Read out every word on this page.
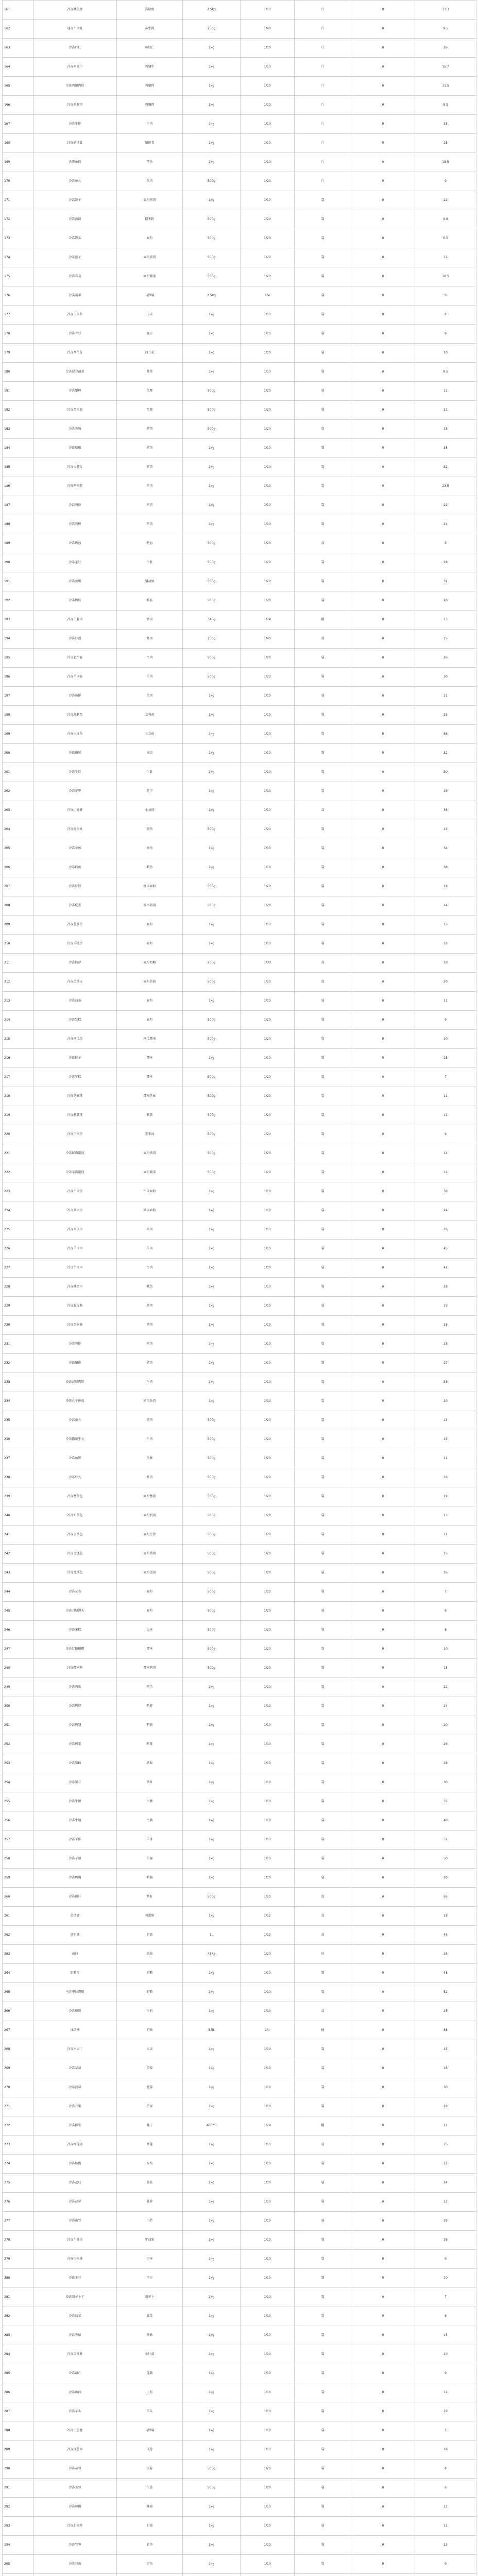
161	冷冻鱿鱼须	冻鱿鱼	2.5kg	1/10	斤	0	13.3
162	速冻牛肉丸	冻牛肉	250g	1/40	斤	0	9.5
163	冷冻虾仁	冻虾仁	1kg	1/10	斤	0	26
164	冷冻鸡翅中	鸡翅中	1kg	1/10	斤	0	15.7
165	冷冻鸡腿肉块	鸡腿肉	1kg	1/10	斤	0	11.5
166	冷冻鸡胸肉	鸡胸肉	1kg	1/10	斤	0	8.5
167	冷冻牛排	牛肉	1kg	1/10	斤	0	35
168	冷冻猪排骨	猪排骨	1kg	1/10	斤	0	25
169	冻带鱼段	带鱼	1kg	1/10	斤	0	18.5
170	冷冻鱼丸	鱼肉	500g	1/20	斤	0	9
171	冷冻饺子	面粉猪肉	1kg	1/10	袋	0	22
172	冷冻汤圆	糯米粉	500g	1/20	袋	0	9.8
173	冷冻馒头	面粉	500g	1/20	袋	0	6.5
174	冷冻包子	面粉猪肉	500g	1/20	袋	0	12
175	冷冻春卷	面粉蔬菜	500g	1/20	袋	0	10.5
176	冷冻薯条	马铃薯	2.5kg	1/4	袋	0	35
177	冷冻玉米粒	玉米	1kg	1/10	袋	0	8
178	冷冻青豆	豌豆	1kg	1/10	袋	0	9
179	冷冻西兰花	西兰花	1kg	1/10	袋	0	10
180	冷冻混合蔬菜	蔬菜	1kg	1/10	袋	0	9.5
181	冷冻蟹棒	鱼糜	500g	1/20	袋	0	12
182	冷冻鱼豆腐	鱼糜	500g	1/20	袋	0	11
183	冷冻香肠	猪肉	500g	1/20	袋	0	15
184	冷冻培根	猪肉	1kg	1/10	袋	0	38
185	冷冻火腿片	猪肉	1kg	1/10	袋	0	32
186	冷冻鸡米花	鸡肉	1kg	1/10	袋	0	23.5
187	冷冻鸡块	鸡肉	1kg	1/10	袋	0	22
188	冷冻鸡柳	鸡肉	1kg	1/10	袋	0	24
189	冷冻鸭血	鸭血	500g	1/20	盒	0	6
190	冷冻毛肚	牛肚	500g	1/20	袋	0	28
191	冷冻黄喉	猪动脉	500g	1/20	袋	0	32
192	冷冻鸭肠	鸭肠	500g	1/20	袋	0	20
193	冷冻午餐肉	猪肉	340g	1/24	罐	0	13
194	冷冻虾滑	虾肉	150g	1/40	盒	0	15
195	冷冻肥牛卷	牛肉	500g	1/20	袋	0	26
196	冷冻羊肉卷	羊肉	500g	1/20	袋	0	30
197	冷冻鱼排	鱼肉	1kg	1/10	袋	0	21
198	冷冻龙利鱼	龙利鱼	1kg	1/10	袋	0	25
199	冷冻三文鱼	三文鱼	1kg	1/10	袋	0	68
200	冷冻扇贝	扇贝	1kg	1/10	袋	0	32
201	冷冻生蚝	生蚝	1kg	1/10	袋	0	30
202	冷冻花甲	花甲	1kg	1/10	袋	0	16
203	冷冻小龙虾	小龙虾	1kg	1/10	盒	0	36
204	冷冻墨鱼丸	墨鱼	500g	1/20	袋	0	13
205	冷冻章鱼	章鱼	1kg	1/10	袋	0	34
206	冷冻鳕鱼	鳕鱼	1kg	1/10	袋	0	58
207	冷冻虾饺	虾肉面粉	500g	1/20	袋	0	18
208	冷冻烧麦	糯米猪肉	500g	1/20	袋	0	14
209	冷冻葱油饼	面粉	1kg	1/10	袋	0	15
210	冷冻手抓饼	面粉	1kg	1/10	袋	0	16
211	冷冻披萨	面粉奶酪	200g	1/30	盒	0	18
212	冷冻蛋挞皮	面粉黄油	500g	1/20	盒	0	20
213	冷冻油条	面粉	1kg	1/10	袋	0	11
214	冷冻发糕	面粉	500g	1/20	袋	0	9
215	冷冻南瓜饼	南瓜糯米	500g	1/20	袋	0	10
216	冷冻粽子	糯米	1kg	1/10	袋	0	25
217	冷冻年糕	糯米	500g	1/20	袋	0	7
218	冷冻芝麻球	糯米芝麻	500g	1/20	袋	0	11
219	冷冻紫薯球	紫薯	500g	1/20	袋	0	11
220	冷冻玉米饼	玉米面	500g	1/20	袋	0	9
221	冷冻鲜肉馄饨	面粉猪肉	500g	1/20	袋	0	14
222	冷冻菜肉馄饨	面粉蔬菜	500g	1/20	袋	0	12
223	冷冻牛肉饼	牛肉面粉	1kg	1/10	袋	0	30
224	冷冻猪肉饼	猪肉面粉	1kg	1/10	袋	0	24
225	冷冻鸡肉串	鸡肉	1kg	1/10	袋	0	26
226	冷冻羊肉串	羊肉	1kg	1/10	袋	0	45
227	冷冻牛肉串	牛肉	1kg	1/10	袋	0	42
228	冷冻鱿鱼串	鱿鱼	1kg	1/10	袋	0	28
229	冷冻脆皮肠	猪肉	1kg	1/10	袋	0	19
230	冷冻热狗肠	猪肉	1kg	1/10	袋	0	18
231	冷冻鸡排	鸡肉	1kg	1/10	袋	0	25
232	冷冻猪排	猪肉	1kg	1/10	袋	0	27
233	冷冻汉堡肉饼	牛肉	1kg	1/10	袋	0	35
234	冷冻丸子拼盘	猪肉鱼肉	1kg	1/10	袋	0	20
235	冷冻贡丸	猪肉	500g	1/20	袋	0	13
236	冷冻撒尿牛丸	牛肉	500g	1/20	袋	0	15
237	冷冻鱼饼	鱼糜	500g	1/20	袋	0	11
238	冷冻虾丸	虾肉	500g	1/20	袋	0	16
239	冷冻蟹黄包	面粉蟹黄	500g	1/20	袋	0	19
240	冷冻奶黄包	面粉奶黄	500g	1/20	袋	0	13
241	冷冻豆沙包	面粉豆沙	500g	1/20	袋	0	11
242	冷冻叉烧包	面粉猪肉	500g	1/20	袋	0	15
243	冷冻流沙包	面粉蛋黄	500g	1/20	袋	0	16
244	冷冻花卷	面粉	500g	1/20	袋	0	7
245	冷冻刀切馒头	面粉	500g	1/20	袋	0	6
246	冷冻米糕	大米	500g	1/20	袋	0	8
247	冷冻红糖糍粑	糯米	500g	1/20	袋	0	10
248	冷冻糯米鸡	糯米鸡肉	500g	1/20	袋	0	18
249	冷冻鸡爪	鸡爪	1kg	1/10	袋	0	22
250	冷冻鸭脖	鸭脖	1kg	1/10	袋	0	24
251	冷冻鸭翅	鸭翅	1kg	1/10	袋	0	20
252	冷冻鸭掌	鸭掌	1kg	1/10	袋	0	26
253	冷冻猪蹄	猪蹄	1kg	1/10	袋	0	28
254	冷冻猪耳	猪耳	1kg	1/10	袋	0	30
255	冷冻牛腱	牛腱	1kg	1/10	袋	0	55
256	冷冻牛腩	牛腩	1kg	1/10	袋	0	48
257	冷冻羊排	羊排	1kg	1/10	袋	0	52
258	冷冻羊腿	羊腿	1kg	1/10	袋	0	50
259	冷冻鸭胸	鸭胸	1kg	1/10	袋	0	20
260	冷冻鹅肝	鹅肝	500g	1/20	盒	0	65
261	蛋挞液	鸡蛋奶	1kg	1/12	盒	0	18
262	淡奶油	奶油	1L	1/12	盒	0	45
263	黄油	黄油	454g	1/20	块	0	28
264	奶酪片	奶酪	1kg	1/10	袋	0	48
265	马苏里拉奶酪	奶酪	1kg	1/10	袋	0	52
266	冷冻酸奶	牛奶	1kg	1/10	盒	0	25
267	冰淇淋	奶油	3.5L	1/4	桶	0	68
268	冷冻水果丁	水果	1kg	1/10	袋	0	15
269	冷冻草莓	草莓	1kg	1/10	袋	0	16
270	冷冻蓝莓	蓝莓	1kg	1/10	袋	0	30
271	冷冻芒果	芒果	1kg	1/10	袋	0	20
272	冷冻椰浆	椰子	400ml	1/24	罐	0	11
273	冷冻榴莲肉	榴莲	1kg	1/10	盒	0	75
274	冷冻杨梅	杨梅	1kg	1/10	袋	0	22
275	冷冻荔枝	荔枝	1kg	1/10	袋	0	24
276	冷冻菠萝	菠萝	1kg	1/10	袋	0	12
277	冷冻山竹	山竹	1kg	1/10	袋	0	35
278	冷冻牛油果	牛油果	1kg	1/10	袋	0	38
279	冷冻玉米棒	玉米	1kg	1/10	袋	0	9
280	冷冻毛豆	毛豆	1kg	1/10	袋	0	10
281	冷冻胡萝卜丁	胡萝卜	1kg	1/10	袋	0	7
282	冷冻菠菜	菠菜	1kg	1/10	袋	0	8
283	冷冻香菇	香菇	1kg	1/10	袋	0	15
284	冷冻金针菇	金针菇	1kg	1/10	袋	0	10
285	冷冻藕片	莲藕	1kg	1/10	袋	0	9
286	冷冻山药	山药	1kg	1/10	袋	0	12
287	冷冻芋头	芋头	1kg	1/10	袋	0	10
288	冷冻土豆丝	马铃薯	1kg	1/10	袋	0	7
289	冷冻洋葱圈	洋葱	1kg	1/10	袋	0	18
290	冷冻蒜蓉	大蒜	500g	1/20	袋	0	8
291	冷冻姜蓉	生姜	500g	1/20	袋	0	8
292	冷冻辣椒	辣椒	1kg	1/10	袋	0	11
293	冷冻甜椒丝	甜椒	1kg	1/10	袋	0	12
294	冷冻竹笋	竹笋	1kg	1/10	袋	0	13
295	冷冻豆角	豆角	1kg	1/10	袋	0	9
